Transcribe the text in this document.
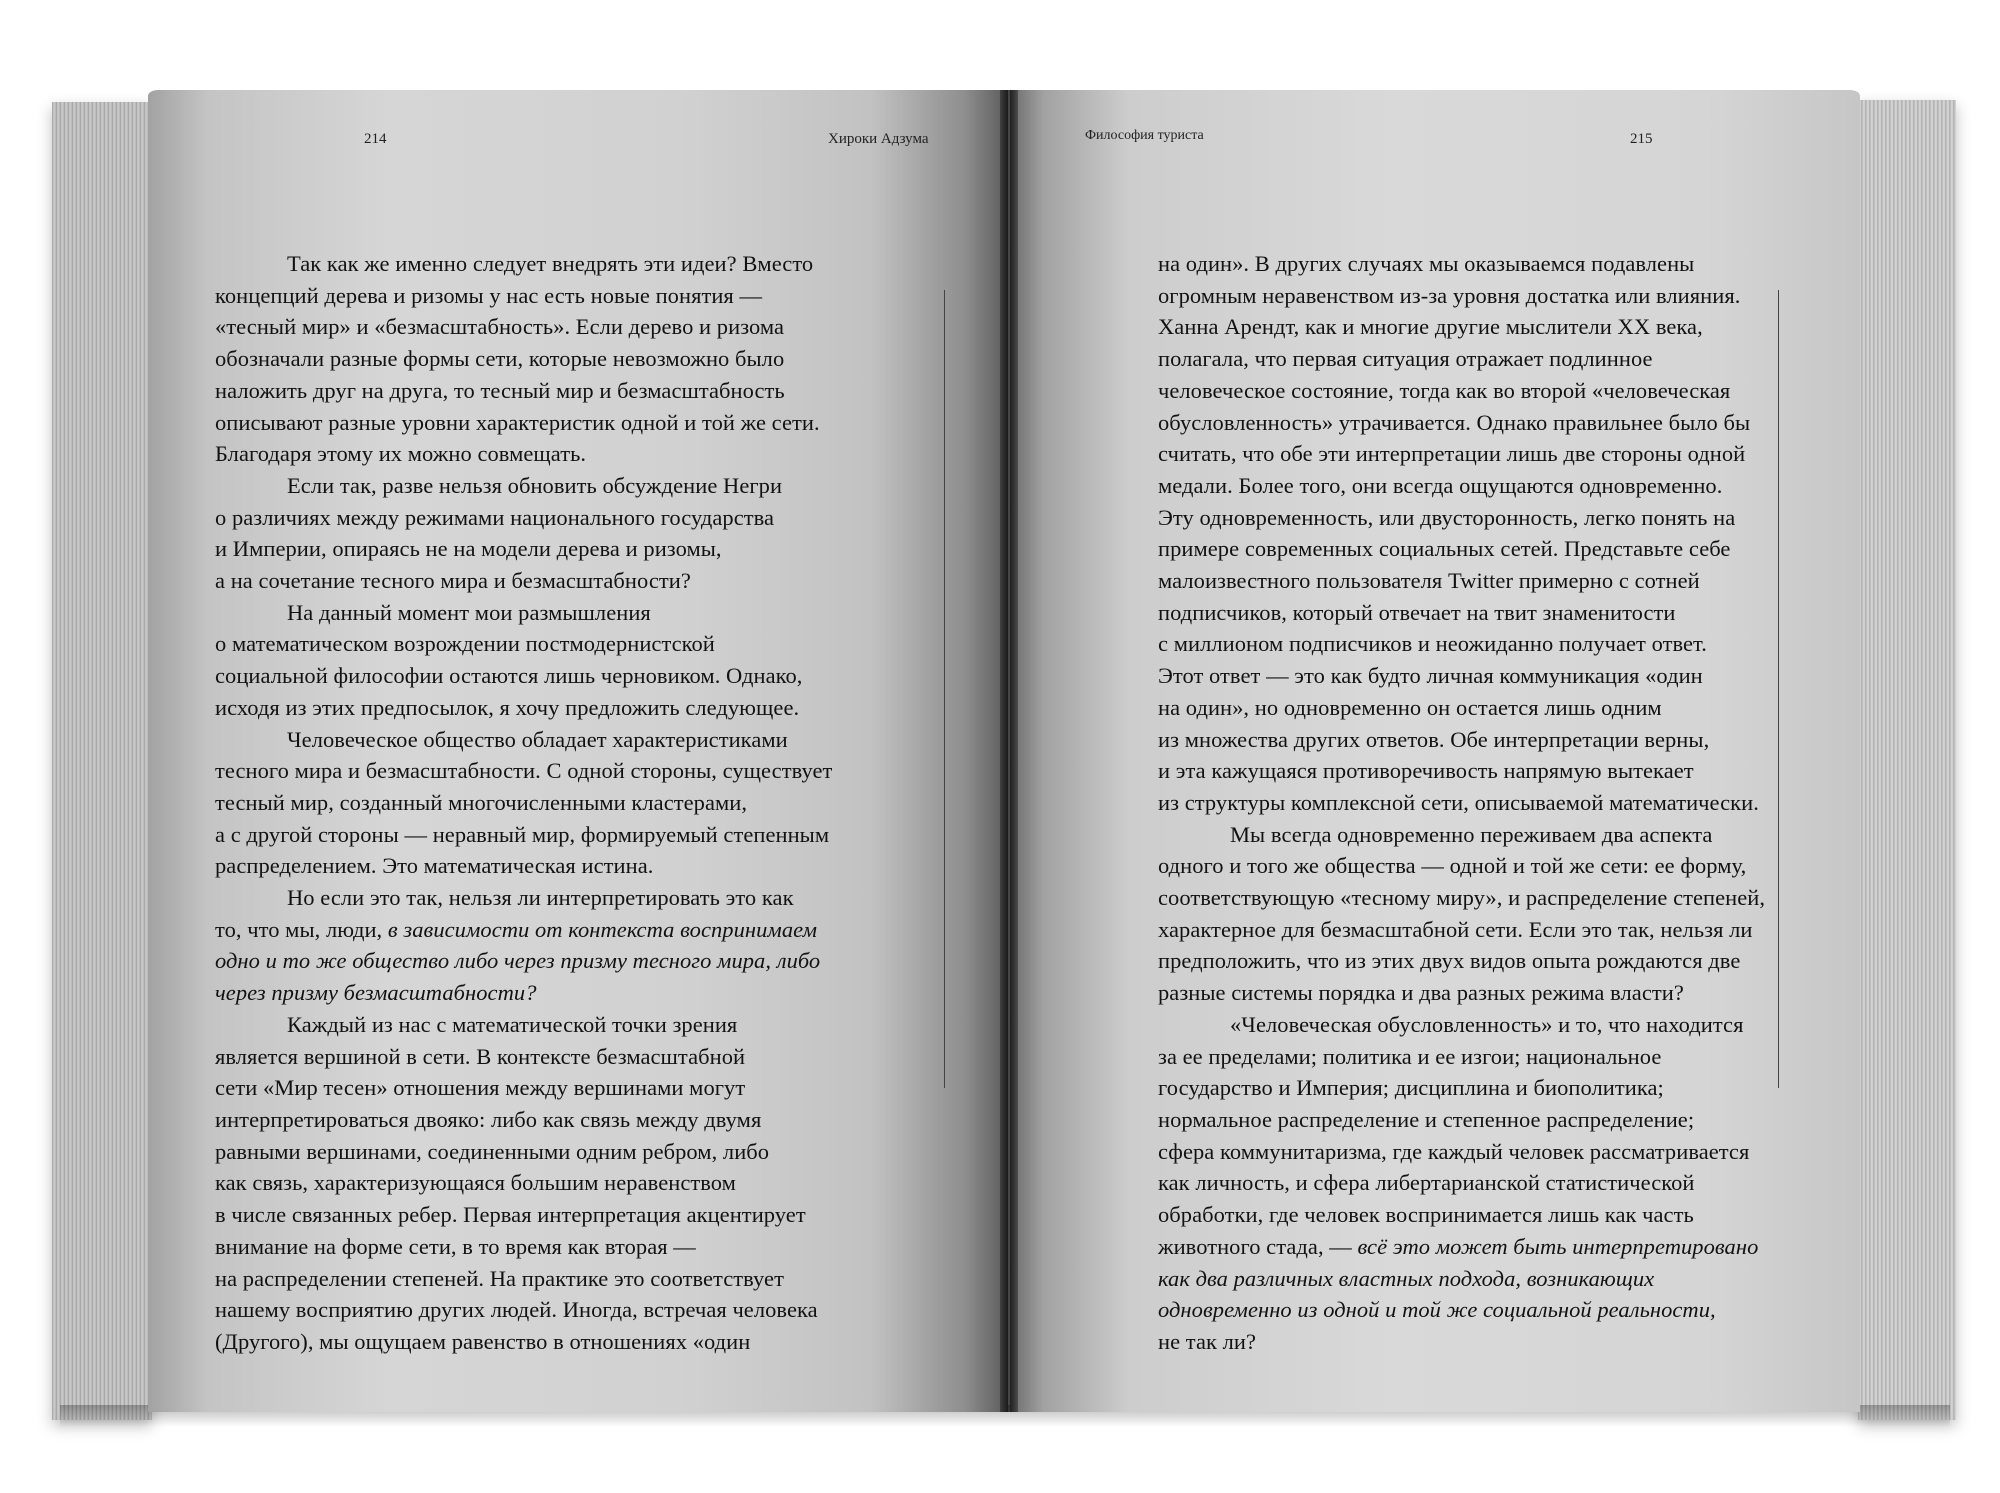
214	Хироки Адзума
Так как же именно следует внедрять эти идеи? Вместо
концепций дерева и ризомы у нас есть новые понятия —
«тесный мир» и «безмасштабность». Если дерево и ризома
обозначали разные формы сети, которые невозможно было
наложить друг на друга, то тесный мир и безмасштабность
описывают разные уровни характеристик одной и той же сети.
Благодаря этому их можно совмещать.
Если так, разве нельзя обновить обсуждение Негри
о различиях между режимами национального государства
и Империи, опираясь не на модели дерева и ризомы,
а на сочетание тесного мира и безмасштабности?
На данный момент мои размышления
о математическом возрождении постмодернистской
социальной философии остаются лишь черновиком. Однако,
исходя из этих предпосылок, я хочу предложить следующее.
Человеческое общество обладает характеристиками
тесного мира и безмасштабности. С одной стороны, существует
тесный мир, созданный многочисленными кластерами,
а с другой стороны — неравный мир, формируемый степенным
распределением. Это математическая истина.
Но если это так, нельзя ли интерпретировать это как
то, что мы, люди, в зависимости от контекста воспринимаем
одно и то же общество либо через призму тесного мира, либо
через призму безмасштабности?
Каждый из нас с математической точки зрения
является вершиной в сети. В контексте безмасштабной
сети «Мир тесен» отношения между вершинами могут
интерпретироваться двояко: либо как связь между двумя
равными вершинами, соединенными одним ребром, либо
как связь, характеризующаяся большим неравенством
в числе связанных ребер. Первая интерпретация акцентирует
внимание на форме сети, в то время как вторая —
на распределении степеней. На практике это соответствует
нашему восприятию других людей. Иногда, встречая человека
(Другого), мы ощущаем равенство в отношениях «один
Философия туриста	215
на один». В других случаях мы оказываемся подавлены
огромным неравенством из-за уровня достатка или влияния.
Ханна Арендт, как и многие другие мыслители XX века,
полагала, что первая ситуация отражает подлинное
человеческое состояние, тогда как во второй «человеческая
обусловленность» утрачивается. Однако правильнее было бы
считать, что обе эти интерпретации лишь две стороны одной
медали. Более того, они всегда ощущаются одновременно.
Эту одновременность, или двусторонность, легко понять на
примере современных социальных сетей. Представьте себе
малоизвестного пользователя Twitter примерно с сотней
подписчиков, который отвечает на твит знаменитости
с миллионом подписчиков и неожиданно получает ответ.
Этот ответ — это как будто личная коммуникация «один
на один», но одновременно он остается лишь одним
из множества других ответов. Обе интерпретации верны,
и эта кажущаяся противоречивость напрямую вытекает
из структуры комплексной сети, описываемой математически.
Мы всегда одновременно переживаем два аспекта
одного и того же общества — одной и той же сети: ее форму,
соответствующую «тесному миру», и распределение степеней,
характерное для безмасштабной сети. Если это так, нельзя ли
предположить, что из этих двух видов опыта рождаются две
разные системы порядка и два разных режима власти?
«Человеческая обусловленность» и то, что находится
за ее пределами; политика и ее изгои; национальное
государство и Империя; дисциплина и биополитика;
нормальное распределение и степенное распределение;
сфера коммунитаризма, где каждый человек рассматривается
как личность, и сфера либертарианской статистической
обработки, где человек воспринимается лишь как часть
животного стада, — всё это может быть интерпретировано
как два различных властных подхода, возникающих
одновременно из одной и той же социальной реальности,
не так ли?
